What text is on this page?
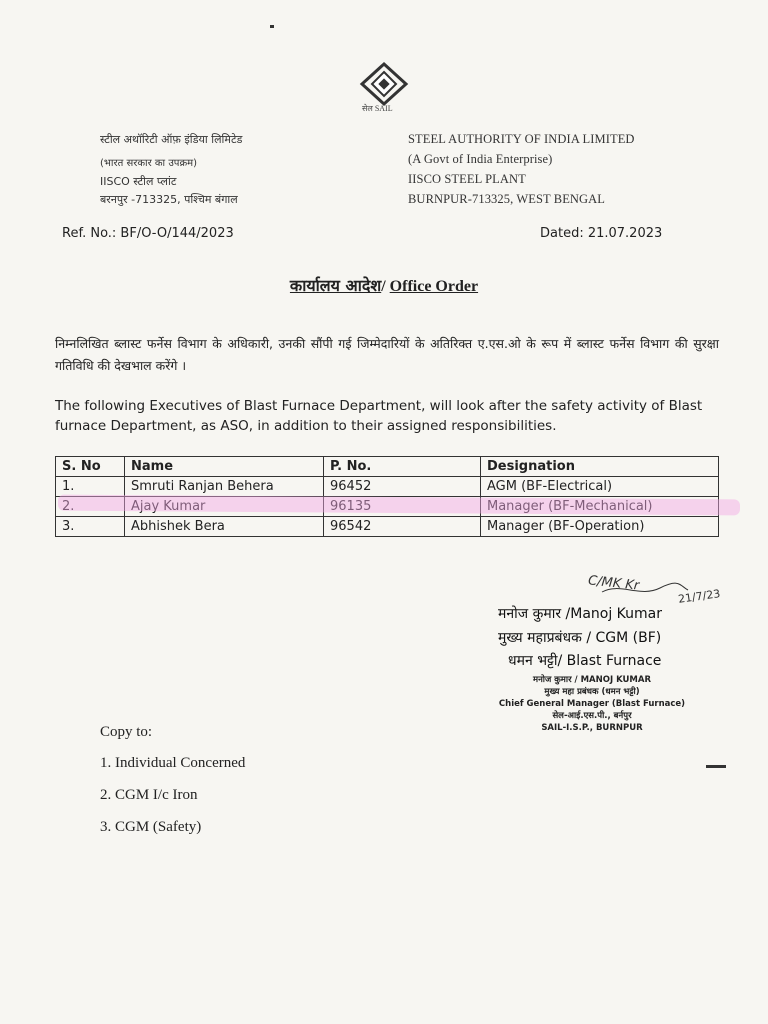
सेल SAIL
स्टील अथॉरिटी ऑफ़ इंडिया लिमिटेड
(भारत सरकार का उपक्रम)
IISCO स्टील प्लांट
बरनपुर -713325, पश्चिम बंगाल
STEEL AUTHORITY OF INDIA LIMITED
(A Govt of India Enterprise)
IISCO STEEL PLANT
BURNPUR-713325, WEST BENGAL
Ref. No.: BF/O-O/144/2023	Dated: 21.07.2023
कार्यालय आदेश/ Office Order
निम्नलिखित ब्लास्ट फर्नेस विभाग के अधिकारी, उनकी सौंपी गई जिम्मेदारियों के अतिरिक्त ए.एस.ओ के रूप में ब्लास्ट फर्नेस विभाग की सुरक्षा गतिविधि की देखभाल करेंगे ।
The following Executives of Blast Furnace Department, will look after the safety activity of Blast furnace Department, as ASO, in addition to their assigned responsibilities.
S. No	Name	P. No.	Designation
1.	Smruti Ranjan Behera	96452	AGM (BF-Electrical)
2.	Ajay Kumar	96135	Manager (BF-Mechanical)
3.	Abhishek Bera	96542	Manager (BF-Operation)
C/MK Kr
21/7/23
मनोज कुमार /Manoj Kumar
मुख्य महाप्रबंधक / CGM (BF)
धमन भट्टी/ Blast Furnace
मनोज कुमार / MANOJ KUMAR
मुख्य महा प्रबंधक (धमन भट्टी)
Chief General Manager (Blast Furnace)
सेल-आई.एस.पी., बर्नपुर
SAIL-I.S.P., BURNPUR
Copy to:
1. Individual Concerned
2. CGM I/c Iron
3. CGM (Safety)
